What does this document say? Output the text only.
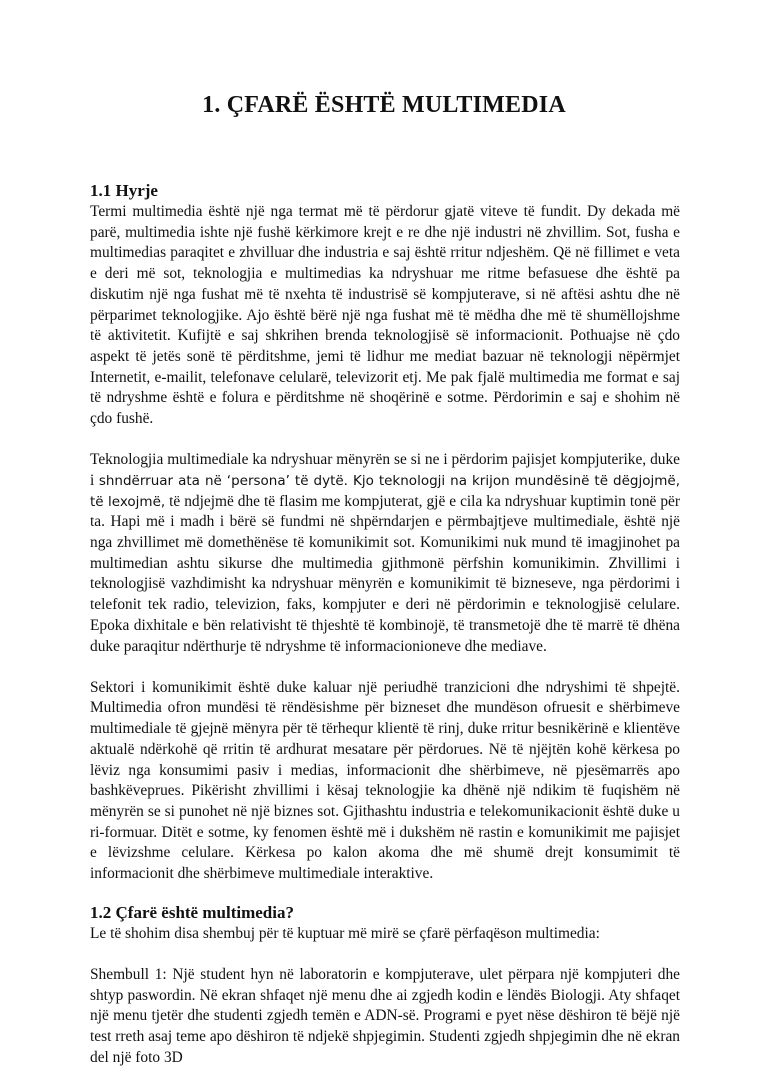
1. ÇFARË ËSHTË MULTIMEDIA
1.1 Hyrje

Termi multimedia është një nga termat më të përdorur gjatë viteve të fundit. Dy dekada më parë, multimedia ishte një fushë kërkimore krejt e re dhe një industri në zhvillim. Sot, fusha e multimedias paraqitet e zhvilluar dhe industria e saj është rritur ndjeshëm. Që në fillimet e veta e deri më sot, teknologjia e multimedias ka ndryshuar me ritme befasuese dhe është pa diskutim një nga fushat më të nxehta të industrisë së kompjuterave, si në aftësi ashtu dhe në përparimet teknologjike. Ajo është bërë një nga fushat më të mëdha dhe më të shumëllojshme të aktivitetit. Kufijtë e saj shkrihen brenda teknologjisë së informacionit. Pothuajse në çdo aspekt të jetës sonë të përditshme, jemi të lidhur me mediat bazuar në teknologji nëpërmjet Internetit, e-mailit, telefonave celularë, televizorit etj. Me pak fjalë multimedia me format e saj të ndryshme është e folura e përditshme në shoqërinë e sotme. Përdorimin e saj e shohim në çdo fushë.

Teknologjia multimediale ka ndryshuar mënyrën se si ne i përdorim pajisjet kompjuterike, duke i shndërruar ata në ‘persona’ të dytë. Kjo teknologji na krijon mundësinë të dëgjojmë, të lexojmë, të ndjejmë dhe të flasim me kompjuterat, gjë e cila ka ndryshuar kuptimin tonë për ta. Hapi më i madh i bërë së fundmi në shpërndarjen e përmbajtjeve multimediale, është një nga zhvillimet më domethënëse të komunikimit sot. Komunikimi nuk mund të imagjinohet pa multimedian ashtu sikurse dhe multimedia gjithmonë përfshin komunikimin. Zhvillimi i teknologjisë vazhdimisht ka ndryshuar mënyrën e komunikimit të bizneseve, nga përdorimi i telefonit tek radio, televizion, faks, kompjuter e deri në përdorimin e teknologjisë celulare. Epoka dixhitale e bën relativisht të thjeshtë të kombinojë, të transmetojë dhe të marrë të dhëna duke paraqitur ndërthurje të ndryshme të informacionioneve dhe mediave.

Sektori i komunikimit është duke kaluar një periudhë tranzicioni dhe ndryshimi të shpejtë. Multimedia ofron mundësi të rëndësishme për bizneset dhe mundëson ofruesit e shërbimeve multimediale të gjejnë mënyra për të tërhequr klientë të rinj, duke rritur besnikërinë e klientëve aktualë ndërkohë që rritin të ardhurat mesatare për përdorues. Në të njëjtën kohë kërkesa po lëviz nga konsumimi pasiv i medias, informacionit dhe shërbimeve, në pjesëmarrës apo bashkëveprues. Pikërisht zhvillimi i kësaj teknologjie ka dhënë një ndikim të fuqishëm në mënyrën se si punohet në një biznes sot. Gjithashtu industria e telekomunikacionit është duke u ri-formuar. Ditët e sotme, ky fenomen është më i dukshëm në rastin e komunikimit me pajisjet e lëvizshme celulare. Kërkesa po kalon akoma dhe më shumë drejt konsumimit të informacionit dhe shërbimeve multimediale interaktive.

1.2 Çfarë është multimedia?

Le të shohim disa shembuj për të kuptuar më mirë se çfarë përfaqëson multimedia:

Shembull 1: Një student hyn në laboratorin e kompjuterave, ulet përpara një kompjuteri dhe shtyp paswordin. Në ekran shfaqet një menu dhe ai zgjedh kodin e lëndës Biologji. Aty shfaqet një menu tjetër dhe studenti zgjedh temën e ADN-së. Programi e pyet nëse dëshiron të bëjë një test rreth asaj teme apo dëshiron të ndjekë shpjegimin. Studenti zgjedh shpjegimin dhe në ekran del një foto 3D
